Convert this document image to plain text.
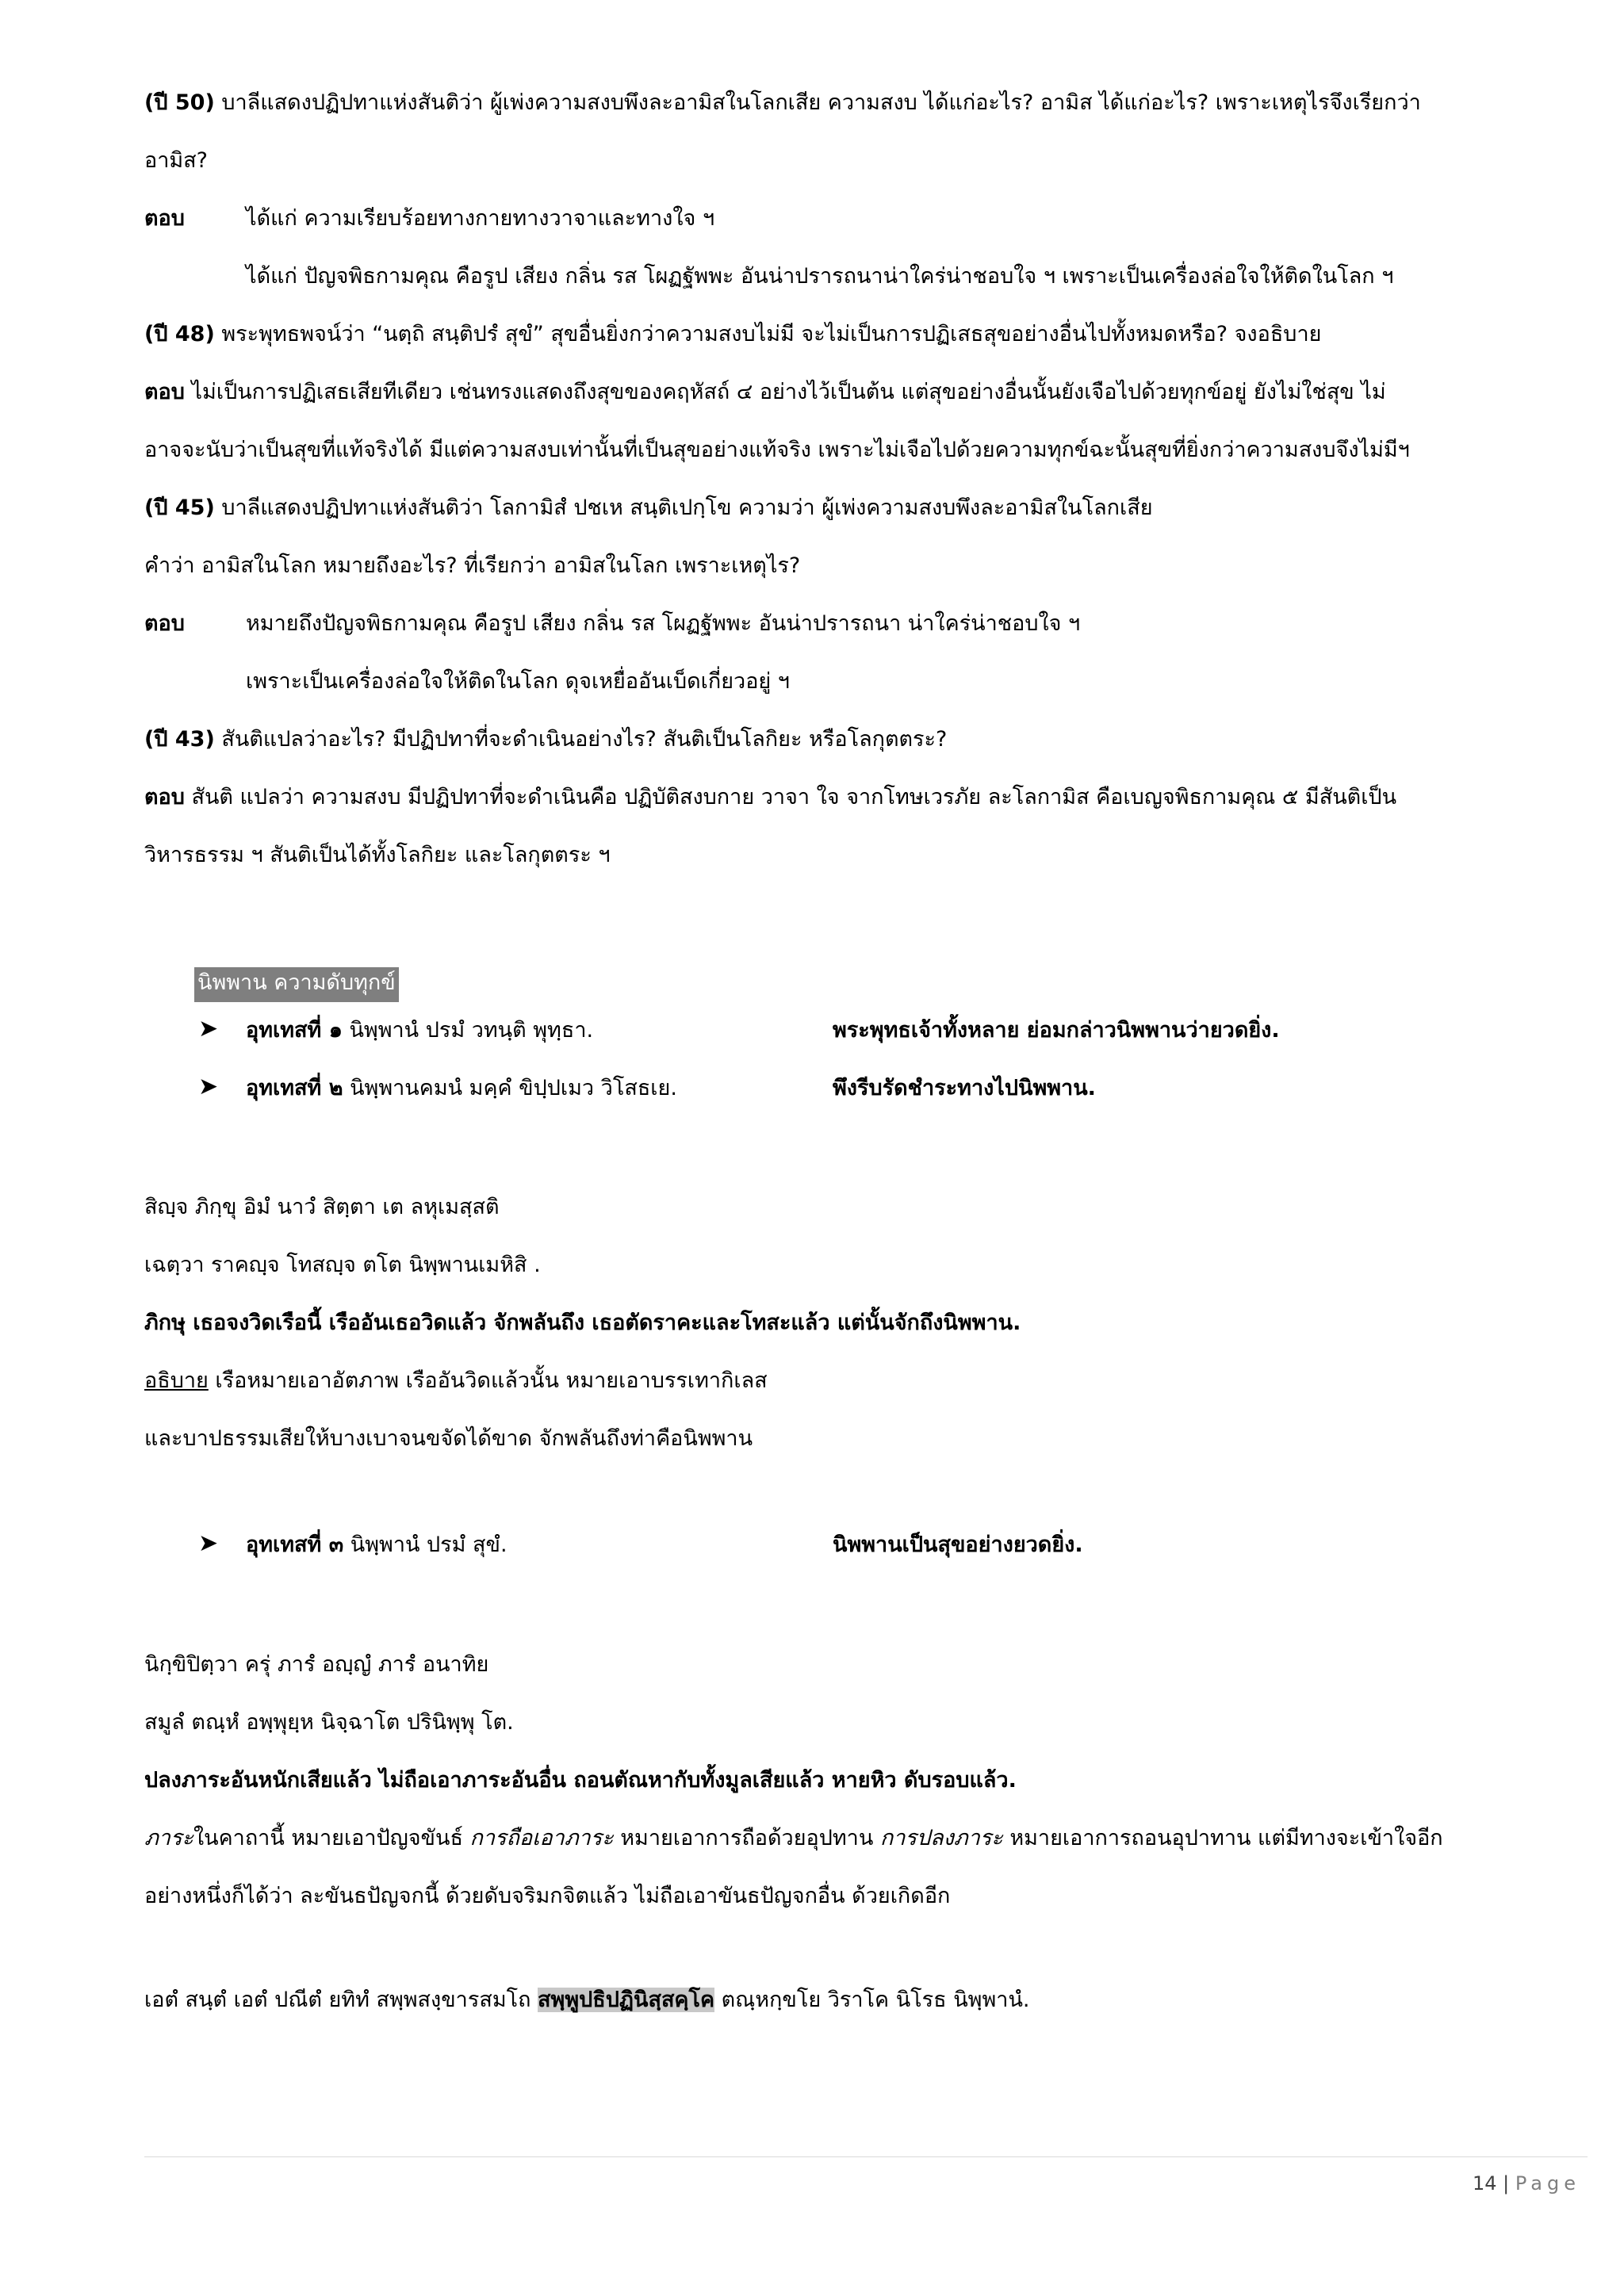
(ปี 50) บาลีแสดงปฏิปทาแห่งสันติว่า ผู้เพ่งความสงบพึงละอามิสในโลกเสีย ความสงบ ได้แก่อะไร? อามิส ได้แก่อะไร? เพราะเหตุไรจึงเรียกว่า
อามิส?
ตอบ	ได้แก่ ความเรียบร้อยทางกายทางวาจาและทางใจ ฯ
ได้แก่ ปัญจพิธกามคุณ คือรูป เสียง กลิ่น รส โผฏฐัพพะ อันน่าปรารถนาน่าใคร่น่าชอบใจ ฯ เพราะเป็นเครื่องล่อใจให้ติดในโลก ฯ
(ปี 48) พระพุทธพจน์ว่า “นตฺถิ สนฺติปรํ สุขํ” สุขอื่นยิ่งกว่าความสงบไม่มี จะไม่เป็นการปฏิเสธสุขอย่างอื่นไปทั้งหมดหรือ? จงอธิบาย
ตอบ ไม่เป็นการปฏิเสธเสียทีเดียว เช่นทรงแสดงถึงสุขของคฤหัสถ์ ๔ อย่างไว้เป็นต้น แต่สุขอย่างอื่นนั้นยังเจือไปด้วยทุกข์อยู่ ยังไม่ใช่สุข ไม่
อาจจะนับว่าเป็นสุขที่แท้จริงได้ มีแต่ความสงบเท่านั้นที่เป็นสุขอย่างแท้จริง เพราะไม่เจือไปด้วยความทุกข์ฉะนั้นสุขที่ยิ่งกว่าความสงบจึงไม่มีฯ
(ปี 45) บาลีแสดงปฏิปทาแห่งสันติว่า โลกามิสํ ปชเห สนฺติเปกฺโข ความว่า ผู้เพ่งความสงบพึงละอามิสในโลกเสีย
คำว่า อามิสในโลก หมายถึงอะไร? ที่เรียกว่า อามิสในโลก เพราะเหตุไร?
ตอบ	หมายถึงปัญจพิธกามคุณ คือรูป เสียง กลิ่น รส โผฏฐัพพะ อันน่าปรารถนา น่าใคร่น่าชอบใจ ฯ
เพราะเป็นเครื่องล่อใจให้ติดในโลก ดุจเหยื่ออันเบ็ดเกี่ยวอยู่ ฯ
(ปี 43) สันติแปลว่าอะไร? มีปฏิปทาที่จะดำเนินอย่างไร? สันติเป็นโลกิยะ หรือโลกุตตระ?
ตอบ สันติ แปลว่า ความสงบ มีปฏิปทาที่จะดำเนินคือ ปฏิบัติสงบกาย วาจา ใจ จากโทษเวรภัย ละโลกามิส คือเบญจพิธกามคุณ ๕ มีสันติเป็น
วิหารธรรม ฯ สันติเป็นได้ทั้งโลกิยะ และโลกุตตระ ฯ
นิพพาน ความดับทุกข์
➤ อุทเทสที่ ๑ นิพฺพานํ ปรมํ วทนฺติ พุทฺธา.	พระพุทธเจ้าทั้งหลาย ย่อมกล่าวนิพพานว่ายวดยิ่ง.
➤ อุทเทสที่ ๒ นิพฺพานคมนํ มคฺคํ ขิปฺปเมว วิโสธเย.	พึงรีบรัดชำระทางไปนิพพาน.
สิญฺจ ภิกฺขุ อิมํ นาวํ สิตฺตา เต ลหุเมสฺสติ
เฉตฺวา ราคญฺจ โทสญฺจ ตโต นิพฺพานเมหิสิ .
ภิกษุ เธอจงวิดเรือนี้ เรืออันเธอวิดแล้ว จักพลันถึง เธอตัดราคะและโทสะแล้ว แต่นั้นจักถึงนิพพาน.
อธิบาย เรือหมายเอาอัตภาพ เรืออันวิดแล้วนั้น หมายเอาบรรเทากิเลส
และบาปธรรมเสียให้บางเบาจนขจัดได้ขาด จักพลันถึงท่าคือนิพพาน
➤ อุทเทสที่ ๓ นิพฺพานํ ปรมํ สุขํ.	นิพพานเป็นสุขอย่างยวดยิ่ง.
นิกฺขิปิตฺวา ครุ่ ภารํ อญฺญํ ภารํ อนาทิย
สมูลํ ตณฺหํ อพฺพุยฺห นิจฺฉาโต ปรินิพฺพุ โต.
ปลงภาระอันหนักเสียแล้ว ไม่ถือเอาภาระอันอื่น ถอนตัณหากับทั้งมูลเสียแล้ว หายหิว ดับรอบแล้ว.
ภาระในคาถานี้ หมายเอาปัญจขันธ์ การถือเอาภาระ หมายเอาการถือด้วยอุปทาน การปลงภาระ หมายเอาการถอนอุปาทาน แต่มีทางจะเข้าใจอีก
อย่างหนึ่งก็ได้ว่า ละขันธปัญจกนี้ ด้วยดับจริมกจิตแล้ว ไม่ถือเอาขันธปัญจกอื่น ด้วยเกิดอีก
เอตํ สนฺตํ เอตํ ปณีตํ ยทิทํ สพฺพสงฺขารสมโถ สพฺพูปธิปฏินิสฺสคฺโค ตณฺหกฺขโย วิราโค นิโรธ นิพฺพานํ.
14 | Page
